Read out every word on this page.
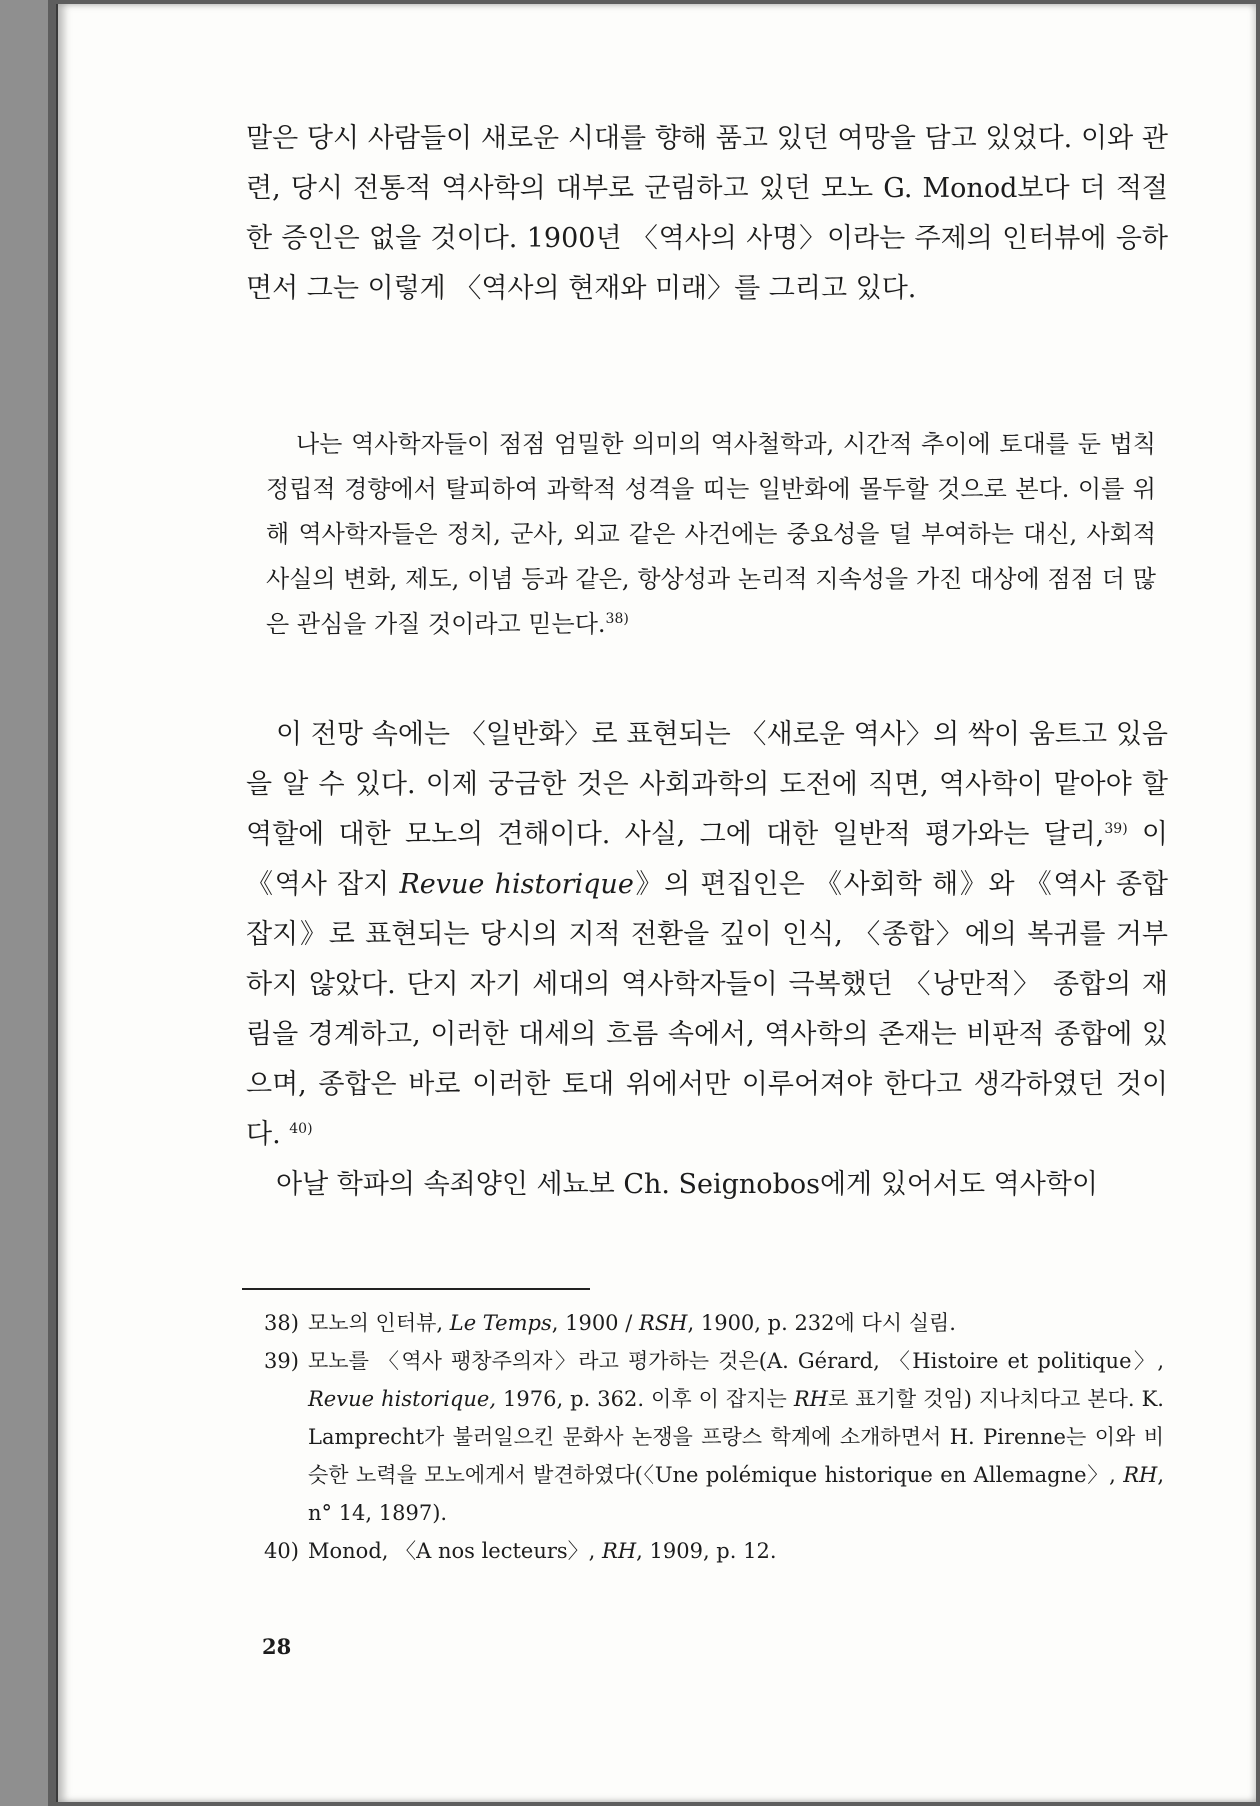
말은 당시 사람들이 새로운 시대를 향해 품고 있던 여망을 담고 있었다. 이와 관련, 당시 전통적 역사학의 대부로 군림하고 있던 모노 G. Monod보다 더 적절한 증인은 없을 것이다. 1900년 〈역사의 사명〉이라는 주제의 인터뷰에 응하면서 그는 이렇게 〈역사의 현재와 미래〉를 그리고 있다.

나는 역사학자들이 점점 엄밀한 의미의 역사철학과, 시간적 추이에 토대를 둔 법칙 정립적 경향에서 탈피하여 과학적 성격을 띠는 일반화에 몰두할 것으로 본다. 이를 위해 역사학자들은 정치, 군사, 외교 같은 사건에는 중요성을 덜 부여하는 대신, 사회적 사실의 변화, 제도, 이념 등과 같은, 항상성과 논리적 지속성을 가진 대상에 점점 더 많은 관심을 가질 것이라고 믿는다.$^{38)}$

이 전망 속에는 〈일반화〉로 표현되는 〈새로운 역사〉의 싹이 움트고 있음을 알 수 있다. 이제 궁금한 것은 사회과학의 도전에 직면, 역사학이 맡아야 할 역할에 대한 모노의 견해이다. 사실, 그에 대한 일반적 평가와는 달리,$^{39)}$ 이 《역사 잡지 Revue historique》의 편집인은 《사회학 해》와 《역사 종합 잡지》로 표현되는 당시의 지적 전환을 깊이 인식, 〈종합〉에의 복귀를 거부하지 않았다. 단지 자기 세대의 역사학자들이 극복했던 〈낭만적〉 종합의 재림을 경계하고, 이러한 대세의 흐름 속에서, 역사학의 존재는 비판적 종합에 있으며, 종합은 바로 이러한 토대 위에서만 이루어져야 한다고 생각하였던 것이다. $^{40)}$

아날 학파의 속죄양인 세뇨보 Ch. Seignobos에게 있어서도 역사학이

38) 모노의 인터뷰, Le Temps, 1900 / RSH, 1900, p. 232에 다시 실림.
39) 모노를 〈역사 팽창주의자〉라고 평가하는 것은(A. Gérard, 〈Histoire et politique〉, Revue historique, 1976, p. 362. 이후 이 잡지는 RH로 표기할 것임) 지나치다고 본다. K. Lamprecht가 불러일으킨 문화사 논쟁을 프랑스 학계에 소개하면서 H. Pirenne는 이와 비슷한 노력을 모노에게서 발견하였다(〈Une polémique historique en Allemagne〉, RH, n° 14, 1897).
40) Monod, 〈A nos lecteurs〉, RH, 1909, p. 12.
28
